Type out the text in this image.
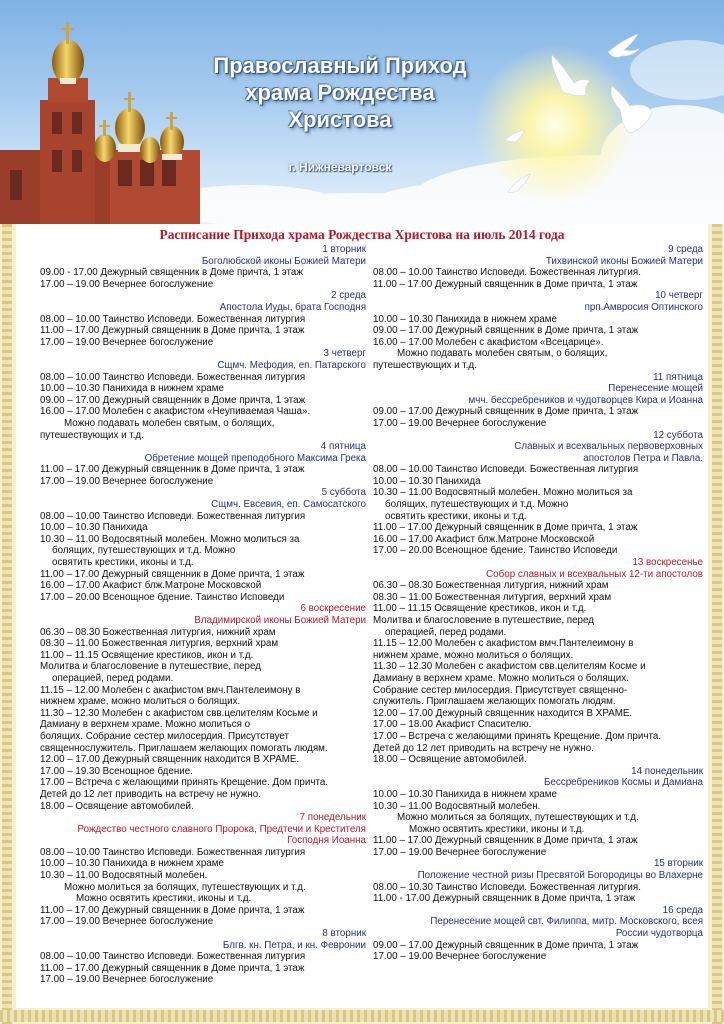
Православный Приход
храма Рождества
Христова
г. Нижневартовск
Расписание Прихода храма Рождества Христова на июль 2014 года
1 вторник
Боголюбской иконы Божией Матери
09.00 - 17.00 Дежурный священник в Доме причта, 1 этаж
17.00 – 19.00 Вечернее богослужение
2 среда
Апостола Иуды, брата Господня
08.00 – 10.00 Таинство Исповеди. Божественная литургия
11.00 – 17.00 Дежурный священник в Доме причта, 1 этаж
17.00 – 19.00 Вечернее богослужение
3 четверг
Сщмч. Мефодия, еп. Патарского
08.00 – 10.00 Таинство Исповеди. Божественная литургия
10.00 – 10.30 Панихида в нижнем храме
09.00 – 17.00 Дежурный священник в Доме причта, 1 этаж
16.00 – 17.00 Молебен с акафистом «Неупиваемая Чаша».
Можно подавать молебен святым, о болящих,
путешествующих и т.д.
4 пятница
Обретение мощей преподобного Максима Грека
11.00 – 17.00 Дежурный священник в Доме причта, 1 этаж
17.00 – 19.00 Вечернее богослужение
5 суббота
Сщмч. Евсевия, еп. Самосатского
08.00 – 10.00 Таинство Исповеди. Божественная литургия
10.00 – 10.30 Панихида
10.30 – 11.00 Водосвятный молебен. Можно молиться за
болящих, путешествующих и т.д. Можно
освятить крестики, иконы и т.д.
11.00 – 17.00 Дежурный священник в Доме причта, 1 этаж
16.00 – 17.00 Акафист блж.Матроне Московской
17.00 – 20.00 Всенощное бдение. Таинство Исповеди
6 воскресение
Владимирской иконы Божией Матери
06.30 – 08.30 Божественная литургия, нижний храм
08.30 – 11.00 Божественная литургия, верхний храм
11.00 – 11.15 Освящение крестиков, икон и т.д.
Молитва и благословение в путешествие, перед
операцией, перед родами.
11.15 – 12.00 Молебен с акафистом вмч.Пантелеимону в
нижнем храме, можно молиться о болящих.
11.30 – 12.30 Молебен с акафистом свв.целителям Косьме и
Дамиану в верхнем храме. Можно молиться о
болящих. Собрание сестер милосердия. Присутствует
священнослужитель. Приглашаем желающих помогать людям.
12.00 – 17.00 Дежурный священник находится В ХРАМЕ.
17.00 – 19.30 Всенощное бдение.
17.00 – Встреча с желающими принять Крещение. Дом причта.
Детей до 12 лет приводить на встречу не нужно.
18.00 – Освящение автомобилей.
7 понедельник
Рождество честного славного Пророка, Предтечи и Крестителя
Господня Иоанна
08.00 – 10.00 Таинство Исповеди. Божественная литургия
10.00 – 10.30 Панихида в нижнем храме
10.30 – 11.00 Водосвятный молебен.
Можно молиться за болящих, путешествующих и т.д.
Можно освятить крестики, иконы и т.д.
11.00 – 17.00 Дежурный священник в Доме причта, 1 этаж
17.00 – 19.00 Вечернее богослужение
8 вторник
Блгв. кн. Петра, и кн. Февронии
08.00 – 10.00 Таинство Исповеди. Божественная литургия
11.00 – 17.00 Дежурный священник в Доме причта, 1 этаж
17.00 – 19.00 Вечернее богослужение
9 среда
Тихвинской иконы Божией Матери
08.00 – 10.00 Таинство Исповеди. Божественная литургия.
11.00 – 17.00 Дежурный священник в Доме причта, 1 этаж
10 четверг
прп.Амвросия Оптинского
10.00 – 10.30 Панихида в нижнем храме
09.00 – 17.00 Дежурный священник в Доме причта, 1 этаж
16.00 – 17.00 Молебен с акафистом «Всецарице».
Можно подавать молебен святым, о болящих,
путешествующих и т.д.
11 пятница
Перенесение мощей
мчч. бессребреников и чудотворцев Кира и Иоанна
09.00 – 17.00 Дежурный священник в Доме причта, 1 этаж
17.00 – 19.00 Вечернее богослужение
12 суббота
Славных и всехвальных первоверховных
апостолов Петра и Павла.
08.00 – 10.00 Таинство Исповеди. Божественная литургия
10.00 – 10.30 Панихида
10.30 – 11.00 Водосвятный молебен. Можно молиться за
болящих, путешествующих и т.д. Можно
освятить крестики, иконы и т.д.
11.00 – 17.00 Дежурный священник в Доме причта, 1 этаж
16.00 – 17.00 Акафист блж.Матроне Московской
17.00 – 20.00 Всенощное бдение. Таинство Исповеди
13 воскресенье
Собор славных и всехвальных 12-ти апостолов
06.30 – 08.30 Божественная литургия, нижний храм
08.30 – 11.00 Божественная литургия, верхний храм
11.00 – 11.15 Освящение крестиков, икон и т.д.
Молитва и благословение в путешествие, перед
операцией, перед родами.
11.15 – 12.00 Молебен с акафистом вмч.Пантелеимону в
нижнем храме, можно молиться о болящих.
11.30 – 12.30 Молебен с акафистом свв.целителям Косме и
Дамиану в верхнем храме. Можно молиться о болящих.
Собрание сестер милосердия. Присутствует священно-
служитель. Приглашаем желающих помогать людям.
12.00 – 17.00 Дежурный священник находится В ХРАМЕ.
17.00 – 18.00 Акафист Спасителю.
17.00 – Встреча с желающими принять Крещение. Дом причта.
Детей до 12 лет приводить на встречу не нужно.
18.00 – Освящение автомобилей.
14 понедельник
Бессребреников Космы и Дамиана
10.00 – 10.30 Панихида в нижнем храме
10.30 – 11.00 Водосвятный молебен.
Можно молиться за болящих, путешествующих и т.д.
Можно освятить крестики, иконы и т.д.
11.00 – 17.00 Дежурный священник в Доме причта, 1 этаж
17.00 – 19.00 Вечернее богослужение
15 вторник
Положение честной ризы Пресвятой Богородицы во Влахерне
08.00 – 10.30 Таинство Исповеди. Божественная литургия.
11.00 - 17.00 Дежурный священник в Доме причта, 1 этаж
16 среда
Перенесение мощей свт. Филиппа, митр. Московского, всея
России чудотворца
09.00 – 17.00 Дежурный священник в Доме причта, 1 этаж
17.00 – 19.00 Вечернее богослужение
